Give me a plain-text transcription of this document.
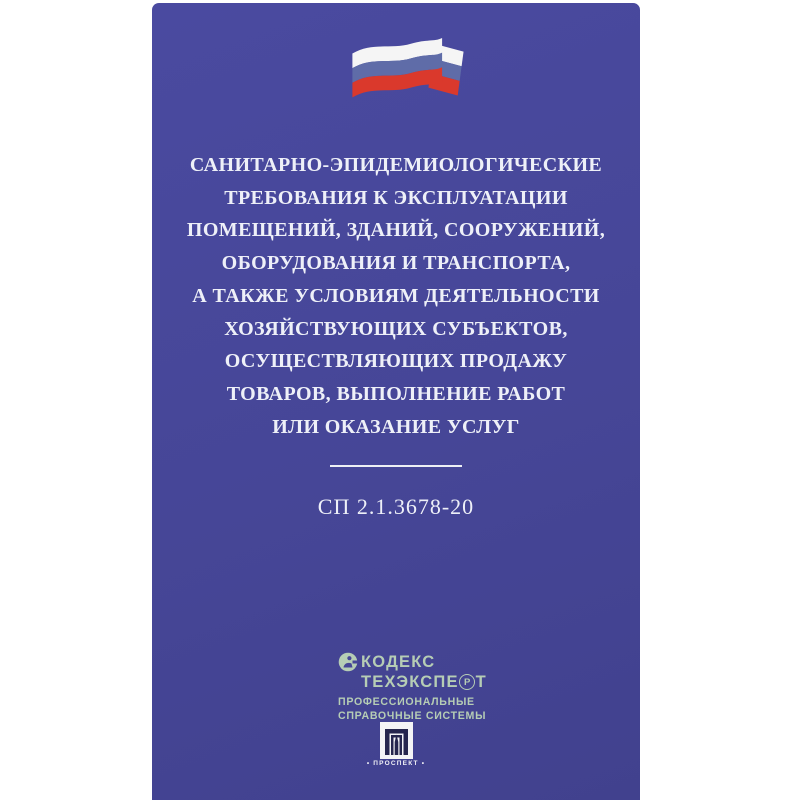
САНИТАРНО-ЭПИДЕМИОЛОГИЧЕСКИЕ
ТРЕБОВАНИЯ К ЭКСПЛУАТАЦИИ
ПОМЕЩЕНИЙ, ЗДАНИЙ, СООРУЖЕНИЙ,
ОБОРУДОВАНИЯ И ТРАНСПОРТА,
А ТАКЖЕ УСЛОВИЯМ ДЕЯТЕЛЬНОСТИ
ХОЗЯЙСТВУЮЩИХ СУБЪЕКТОВ,
ОСУЩЕСТВЛЯЮЩИХ ПРОДАЖУ
ТОВАРОВ, ВЫПОЛНЕНИЕ РАБОТ
ИЛИ ОКАЗАНИЕ УСЛУГ
СП 2.1.3678-20
КОДЕКС
ТЕХЭКСПЕ Р Т
ПРОФЕССИОНАЛЬНЫЕ
СПРАВОЧНЫЕ СИСТЕМЫ
• ПРОСПЕКТ •
